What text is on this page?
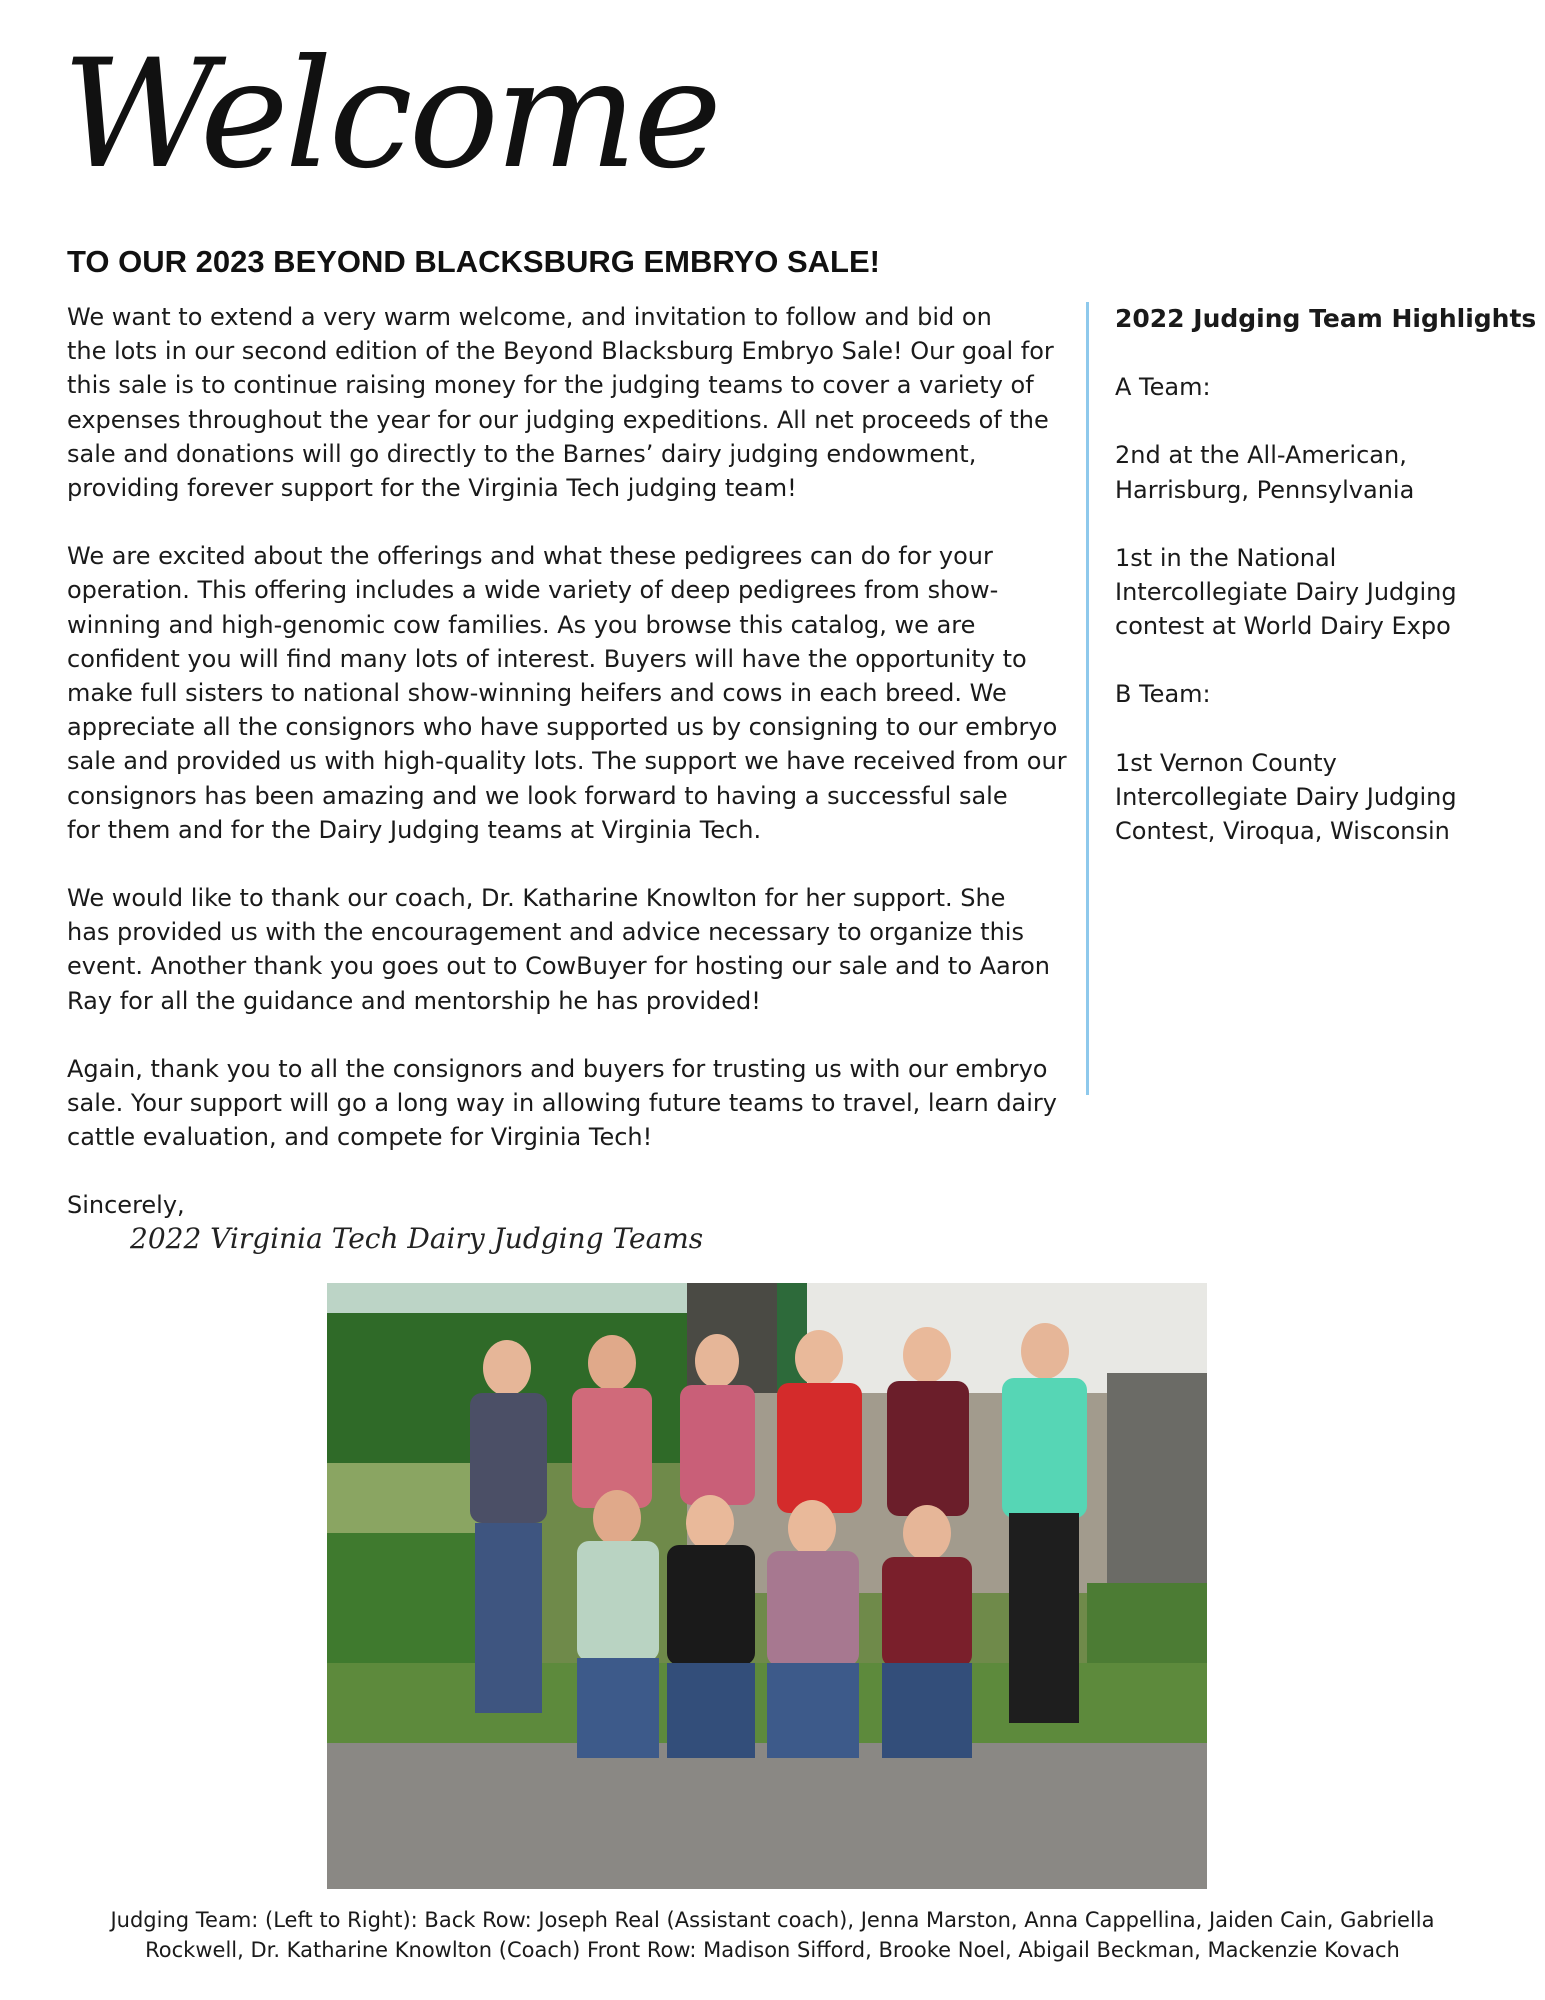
Welcome
TO OUR 2023 BEYOND BLACKSBURG EMBRYO SALE!

We want to extend a very warm welcome, and invitation to follow and bid on
the lots in our second edition of the Beyond Blacksburg Embryo Sale! Our goal for
this sale is to continue raising money for the judging teams to cover a variety of
expenses throughout the year for our judging expeditions. All net proceeds of the
sale and donations will go directly to the Barnes’ dairy judging endowment,
providing forever support for the Virginia Tech judging team!

We are excited about the offerings and what these pedigrees can do for your
operation. This offering includes a wide variety of deep pedigrees from show-
winning and high-genomic cow families. As you browse this catalog, we are
confident you will find many lots of interest. Buyers will have the opportunity to
make full sisters to national show-winning heifers and cows in each breed. We
appreciate all the consignors who have supported us by consigning to our embryo
sale and provided us with high-quality lots. The support we have received from our
consignors has been amazing and we look forward to having a successful sale
for them and for the Dairy Judging teams at Virginia Tech.

We would like to thank our coach, Dr. Katharine Knowlton for her support. She
has provided us with the encouragement and advice necessary to organize this
event. Another thank you goes out to CowBuyer for hosting our sale and to Aaron
Ray for all the guidance and mentorship he has provided!

Again, thank you to all the consignors and buyers for trusting us with our embryo
sale. Your support will go a long way in allowing future teams to travel, learn dairy
cattle evaluation, and compete for Virginia Tech!

Sincerely,

2022 Virginia Tech Dairy Judging Teams
2022 Judging Team Highlights

A Team:

2nd at the All-American,
Harrisburg, Pennsylvania

1st in the National
Intercollegiate Dairy Judging
contest at World Dairy Expo

B Team:

1st Vernon County
Intercollegiate Dairy Judging
Contest, Viroqua, Wisconsin

Judging Team: (Left to Right): Back Row: Joseph Real (Assistant coach), Jenna Marston, Anna Cappellina, Jaiden Cain, Gabriella
Rockwell, Dr. Katharine Knowlton (Coach) Front Row: Madison Sifford, Brooke Noel, Abigail Beckman, Mackenzie Kovach
